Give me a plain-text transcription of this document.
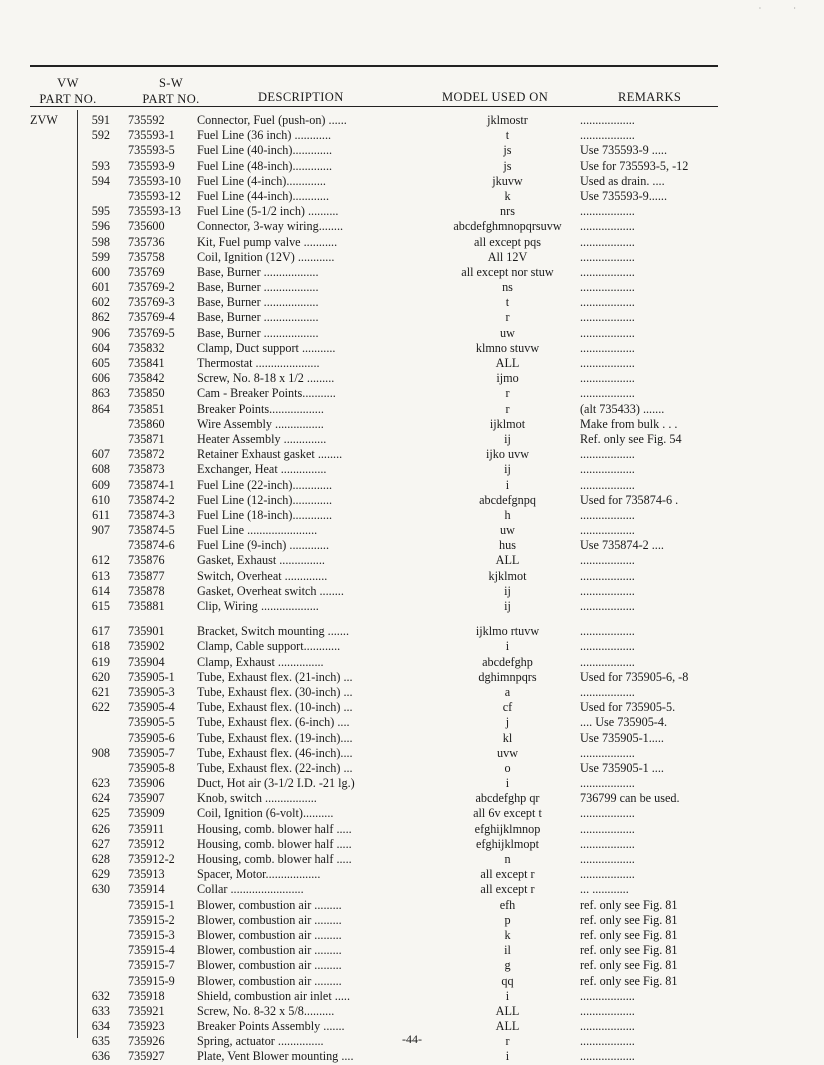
·                ·
VW
PART NO.
S-W
PART NO.	DESCRIPTION	MODEL USED ON	REMARKS
ZVW	591 735592	Connector, Fuel (push-on) ......	jklmostr	..................
592 735593-1 Fuel Line (36 inch) ............	t	..................
735593-5 Fuel Line (40-inch).............	js	Use 735593-9 .....
593 735593-9 Fuel Line (48-inch).............	js	Use for 735593-5, -12
594 735593-10 Fuel Line (4-inch).............	jkuvw	Used as drain. ....
735593-12 Fuel Line (44-inch)............	k	Use 735593-9......
595 735593-13 Fuel Line (5-1/2 inch) ..........	nrs	..................
596 735600	Connector, 3-way wiring........	abcdefghmnopqrsuvw	..................
598 735736	Kit, Fuel pump valve ...........	all except pqs	..................
599 735758	Coil, Ignition (12V) ............	All 12V	..................
600 735769	Base, Burner ..................	all except nor stuw	..................
601 735769-2 Base, Burner ..................	ns	..................
602 735769-3 Base, Burner ..................	t	..................
862 735769-4 Base, Burner ..................	r	..................
906 735769-5 Base, Burner ..................	uw	..................
604 735832	Clamp, Duct support ...........	klmno stuvw	..................
605 735841	Thermostat .....................	ALL	..................
606 735842	Screw, No. 8-18 x 1/2 .........	ijmo	..................
863 735850	Cam - Breaker Points...........	r	..................
864 735851	Breaker Points..................	r	(alt 735433) .......
735860	Wire Assembly ................	ijklmot	Make from bulk . . .
735871	Heater Assembly ..............	ij	Ref. only see Fig. 54
607 735872	Retainer Exhaust gasket ........	ijko uvw	..................
608 735873	Exchanger, Heat ...............	ij	..................
609 735874-1 Fuel Line (22-inch).............	i	..................
610 735874-2 Fuel Line (12-inch).............	abcdefgnpq	Used for 735874-6 .
611 735874-3 Fuel Line (18-inch).............	h	..................
907 735874-5 Fuel Line .......................	uw	..................
735874-6 Fuel Line (9-inch) .............	hus	Use 735874-2 ....
612 735876	Gasket, Exhaust ...............	ALL	..................
613 735877	Switch, Overheat ..............	kjklmot	..................
614 735878	Gasket, Overheat switch ........	ij	..................
615 735881	Clip, Wiring ...................	ij	..................
617 735901	Bracket, Switch mounting .......	ijklmo rtuvw	..................
618 735902	Clamp, Cable support............	i	..................
619 735904	Clamp, Exhaust ...............	abcdefghp	..................
620 735905-1 Tube, Exhaust flex. (21-inch) ...	dghimnpqrs	Used for 735905-6, -8
621 735905-3 Tube, Exhaust flex. (30-inch) ...	a	..................
622 735905-4 Tube, Exhaust flex. (10-inch) ...	cf	Used for 735905-5.
735905-5 Tube, Exhaust flex. (6-inch) ....	j	.... Use 735905-4.
735905-6 Tube, Exhaust flex. (19-inch)....	kl	Use 735905-1.....
908 735905-7 Tube, Exhaust flex. (46-inch)....	uvw	..................
735905-8 Tube, Exhaust flex. (22-inch) ...	o	Use 735905-1 ....
623 735906	Duct, Hot air (3-1/2 I.D. -21 lg.)	i	..................
624 735907	Knob, switch .................	abcdefghp qr	736799 can be used.
625 735909	Coil, Ignition (6-volt)..........	all 6v except t	..................
626 735911	Housing, comb. blower half .....	efghijklmnop	..................
627 735912	Housing, comb. blower half .....	efghijklmopt	..................
628 735912-2 Housing, comb. blower half .....	n	..................
629 735913	Spacer, Motor..................	all except r	..................
630 735914	Collar ........................	all except r	... ............
735915-1 Blower, combustion air .........	efh	ref. only see Fig. 81
735915-2 Blower, combustion air .........	p	ref. only see Fig. 81
735915-3 Blower, combustion air .........	k	ref. only see Fig. 81
735915-4 Blower, combustion air .........	il	ref. only see Fig. 81
735915-7 Blower, combustion air .........	g	ref. only see Fig. 81
735915-9 Blower, combustion air .........	qq	ref. only see Fig. 81
632 735918	Shield, combustion air inlet .....	i	..................
633 735921	Screw, No. 8-32 x 5/8..........	ALL	..................
634 735923	Breaker Points Assembly .......	ALL	..................
635 735926	Spring, actuator ...............	r	..................
636 735927	Plate, Vent Blower mounting ....	i	..................
-44-
